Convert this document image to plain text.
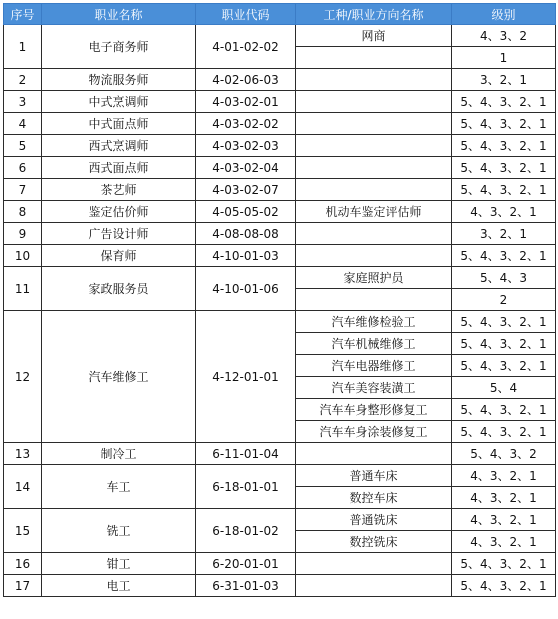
序号	职业名称	职业代码	工种/职业方向名称	级别
1	电子商务师	4-01-02-02	网商	4、3、2
				1
2	物流服务师	4-02-06-03		3、2、1
3	中式烹调师	4-03-02-01		5、4、3、2、1
4	中式面点师	4-03-02-02		5、4、3、2、1
5	西式烹调师	4-03-02-03		5、4、3、2、1
6	西式面点师	4-03-02-04		5、4、3、2、1
7	茶艺师	4-03-02-07		5、4、3、2、1
8	鉴定估价师	4-05-05-02	机动车鉴定评估师	4、3、2、1
9	广告设计师	4-08-08-08		3、2、1
10	保育师	4-10-01-03		5、4、3、2、1
11	家政服务员	4-10-01-06	家庭照护员	5、4、3
				2
12	汽车维修工	4-12-01-01	汽车维修检验工	5、4、3、2、1
			汽车机械维修工	5、4、3、2、1
			汽车电器维修工	5、4、3、2、1
			汽车美容装潢工	5、4
			汽车车身整形修复工	5、4、3、2、1
			汽车车身涂装修复工	5、4、3、2、1
13	制冷工	6-11-01-04		5、4、3、2
14	车工	6-18-01-01	普通车床	4、3、2、1
			数控车床	4、3、2、1
15	铣工	6-18-01-02	普通铣床	4、3、2、1
			数控铣床	4、3、2、1
16	钳工	6-20-01-01		5、4、3、2、1
17	电工	6-31-01-03		5、4、3、2、1
